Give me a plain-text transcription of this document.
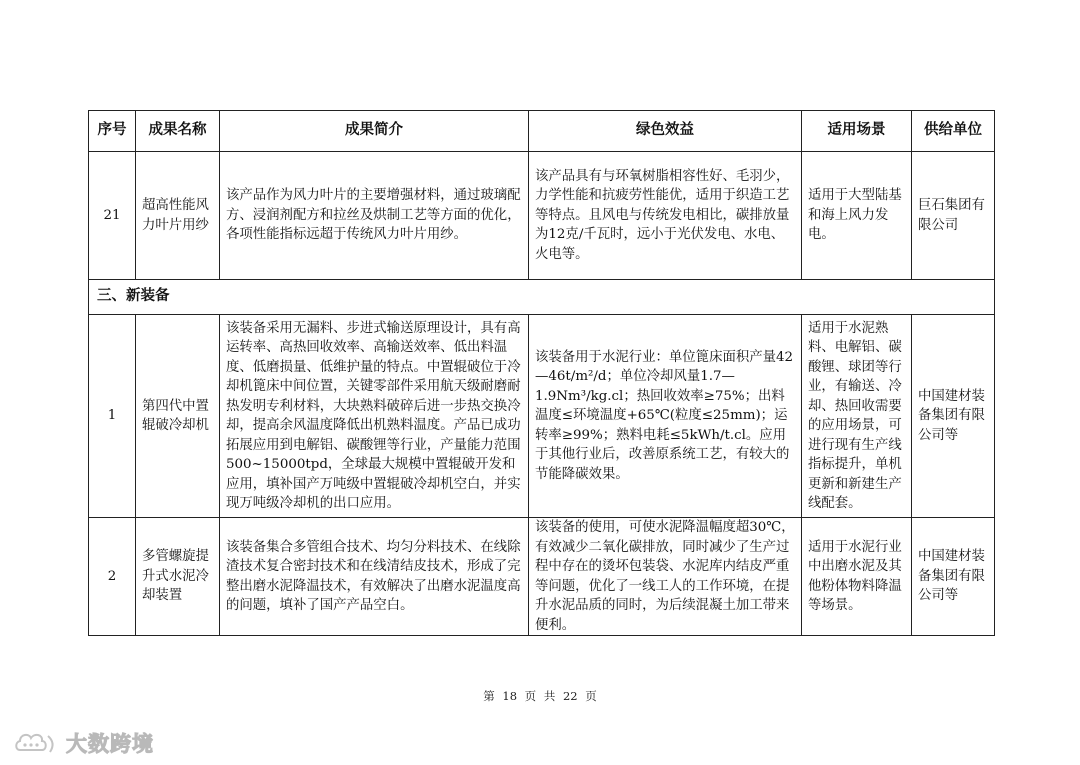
序号	成果名称	成果简介	绿色效益	适用场景	供给单位
21	超高性能风力叶片用纱	该产品作为风力叶片的主要增强材料，通过玻璃配方、浸润剂配方和拉丝及烘制工艺等方面的优化，各项性能指标远超于传统风力叶片用纱。	该产品具有与环氧树脂相容性好、毛羽少，力学性能和抗疲劳性能优，适用于织造工艺等特点。且风电与传统发电相比，碳排放量为12克/千瓦时，远小于光伏发电、水电、火电等。	适用于大型陆基和海上风力发电。	巨石集团有限公司
三、新装备					
1	第四代中置辊破冷却机	该装备采用无漏料、步进式输送原理设计，具有高运转率、高热回收效率、高输送效率、低出料温度、低磨损量、低维护量的特点。中置辊破位于冷却机篦床中间位置，关键零部件采用航天级耐磨耐热发明专利材料，大块熟料破碎后进一步热交换冷却，提高余风温度降低出机熟料温度。产品已成功拓展应用到电解铝、碳酸锂等行业，产量能力范围500~15000tpd，全球最大规模中置辊破开发和应用，填补国产万吨级中置辊破冷却机空白，并实现万吨级冷却机的出口应用。	该装备用于水泥行业：单位篦床面积产量42—46t/m²/d；单位冷却风量1.7—1.9Nm³/kg.cl；热回收效率≥75%；出料温度≤环境温度+65℃(粒度≤25mm)；运转率≥99%；熟料电耗≤5kWh/t.cl。应用于其他行业后，改善原系统工艺，有较大的节能降碳效果。	适用于水泥熟料、电解铝、碳酸锂、球团等行业，有输送、冷却、热回收需要的应用场景，可进行现有生产线指标提升，单机更新和新建生产线配套。	中国建材装备集团有限公司等
2	多管螺旋提升式水泥冷却装置	该装备集合多管组合技术、均匀分料技术、在线除渣技术复合密封技术和在线清结皮技术，形成了完整出磨水泥降温技术，有效解决了出磨水泥温度高的问题，填补了国产产品空白。	该装备的使用，可使水泥降温幅度超30℃，有效减少二氧化碳排放，同时减少了生产过程中存在的烫坏包装袋、水泥库内结皮严重等问题，优化了一线工人的工作环境，在提升水泥品质的同时，为后续混凝土加工带来便利。	适用于水泥行业中出磨水泥及其他粉体物料降温等场景。	中国建材装备集团有限公司等
第 18 页 共 22 页
大数跨境
